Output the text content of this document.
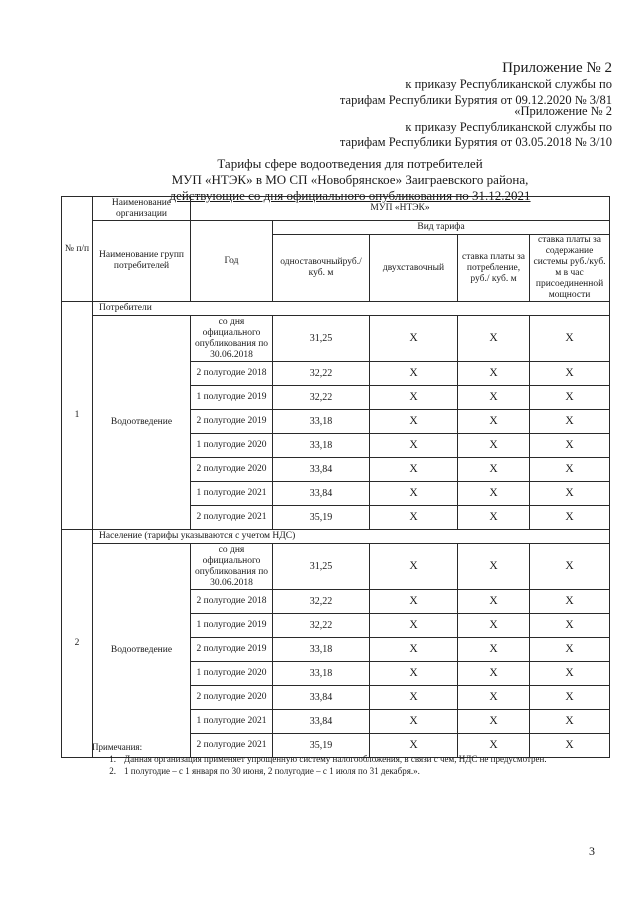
Приложение № 2
к приказу Республиканской службы по
тарифам Республики Бурятия от 09.12.2020 № 3/81
«Приложение № 2
к приказу Республиканской службы по
тарифам Республики Бурятия от 03.05.2018 № 3/10
Тарифы сфере водоотведения для потребителей
МУП «НТЭК» в МО СП «Новобрянское» Заиграевского района,
действующие со дня официального опубликования по 31.12.2021
№ п/п	Наименование организации	МУП «НТЭК»				
	Наименование групп потребителей	Год	Вид тарифа			
			одноставочныйруб./ куб. м	двухставочный	ставка платы за потребление, руб./ куб. м	ставка платы за содержание системы руб./куб. м в час присоединенной мощности
1	Потребители					
	Водоотведение	со дня официального опубликования по 30.06.2018	31,25	Х	Х	Х
		2 полугодие 2018	32,22	Х	Х	Х
		1 полугодие 2019	32,22	Х	Х	Х
		2 полугодие 2019	33,18	Х	Х	Х
		1 полугодие 2020	33,18	Х	Х	Х
		2 полугодие 2020	33,84	Х	Х	Х
		1 полугодие 2021	33,84	Х	Х	Х
		2 полугодие 2021	35,19	Х	Х	Х
2	Население (тарифы указываются с учетом НДС)					
	Водоотведение	со дня официального опубликования по 30.06.2018	31,25	Х	Х	Х
		2 полугодие 2018	32,22	Х	Х	Х
		1 полугодие 2019	32,22	Х	Х	Х
		2 полугодие 2019	33,18	Х	Х	Х
		1 полугодие 2020	33,18	Х	Х	Х
		2 полугодие 2020	33,84	Х	Х	Х
		1 полугодие 2021	33,84	Х	Х	Х
		2 полугодие 2021	35,19	Х	Х	Х
Примечания:
1. Данная организация применяет упрощенную систему налогообложения, в связи с чем, НДС не предусмотрен.
2. 1 полугодие – с 1 января по 30 июня, 2 полугодие – с 1 июля по 31 декабря.».
3
